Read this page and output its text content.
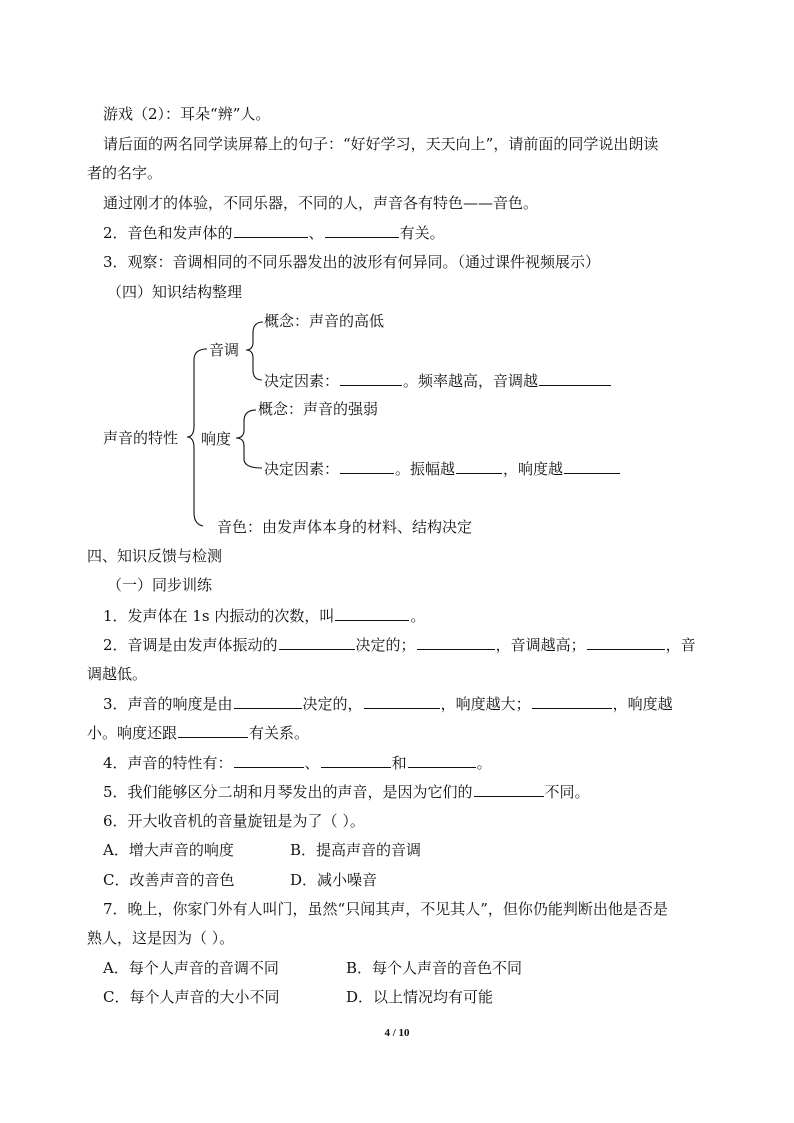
游戏（2）：耳朵“辨”人。
请后面的两名同学读屏幕上的句子：“好好学习，天天向上”，请前面的同学说出朗读
者的名字。
通过刚才的体验，不同乐器，不同的人，声音各有特色——音色。
2．音色和发声体的	、	有关。
3．观察：音调相同的不同乐器发出的波形有何异同。（通过课件视频展示）
（四）知识结构整理
声音的特性
音调
概念：声音的高低
决定因素：	。频率越高，音调越
响度
概念：声音的强弱
决定因素：	。振幅越	，响度越
音色：由发声体本身的材料、结构决定
四、知识反馈与检测
（一）同步训练
1．发声体在 1s 内振动的次数，叫	。
2．音调是由发声体振动的	决定的；	，音调越高；	，音
调越低。
3．声音的响度是由	决定的，	，响度越大；	，响度越
小。响度还跟	有关系。
4．声音的特性有：	、	和	。
5．我们能够区分二胡和月琴发出的声音，是因为它们的	不同。
6．开大收音机的音量旋钮是为了（ ）。
A．增大声音的响度	B．提高声音的音调
C．改善声音的音色	D．减小噪音
7．晚上，你家门外有人叫门，虽然“只闻其声，不见其人”，但你仍能判断出他是否是
熟人，这是因为（ ）。
A．每个人声音的音调不同	B．每个人声音的音色不同
C．每个人声音的大小不同	D．以上情况均有可能
4 / 10
